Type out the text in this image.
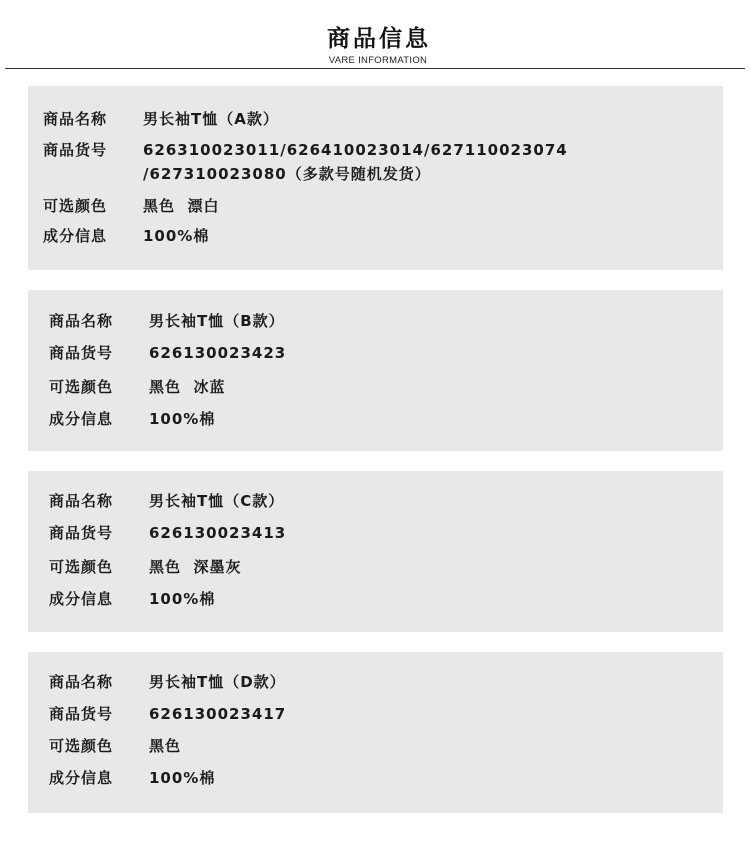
商品信息
VARE INFORMATION
商品名称 男长袖T恤（A款）
商品货号 626310023011/626410023014/627110023074
/627310023080（多款号随机发货）
可选颜色 黑色  漂白
成分信息 100%棉
商品名称 男长袖T恤（B款）
商品货号 626130023423
可选颜色 黑色  冰蓝
成分信息 100%棉
商品名称 男长袖T恤（C款）
商品货号 626130023413
可选颜色 黑色  深墨灰
成分信息 100%棉
商品名称 男长袖T恤（D款）
商品货号 626130023417
可选颜色 黑色
成分信息 100%棉
